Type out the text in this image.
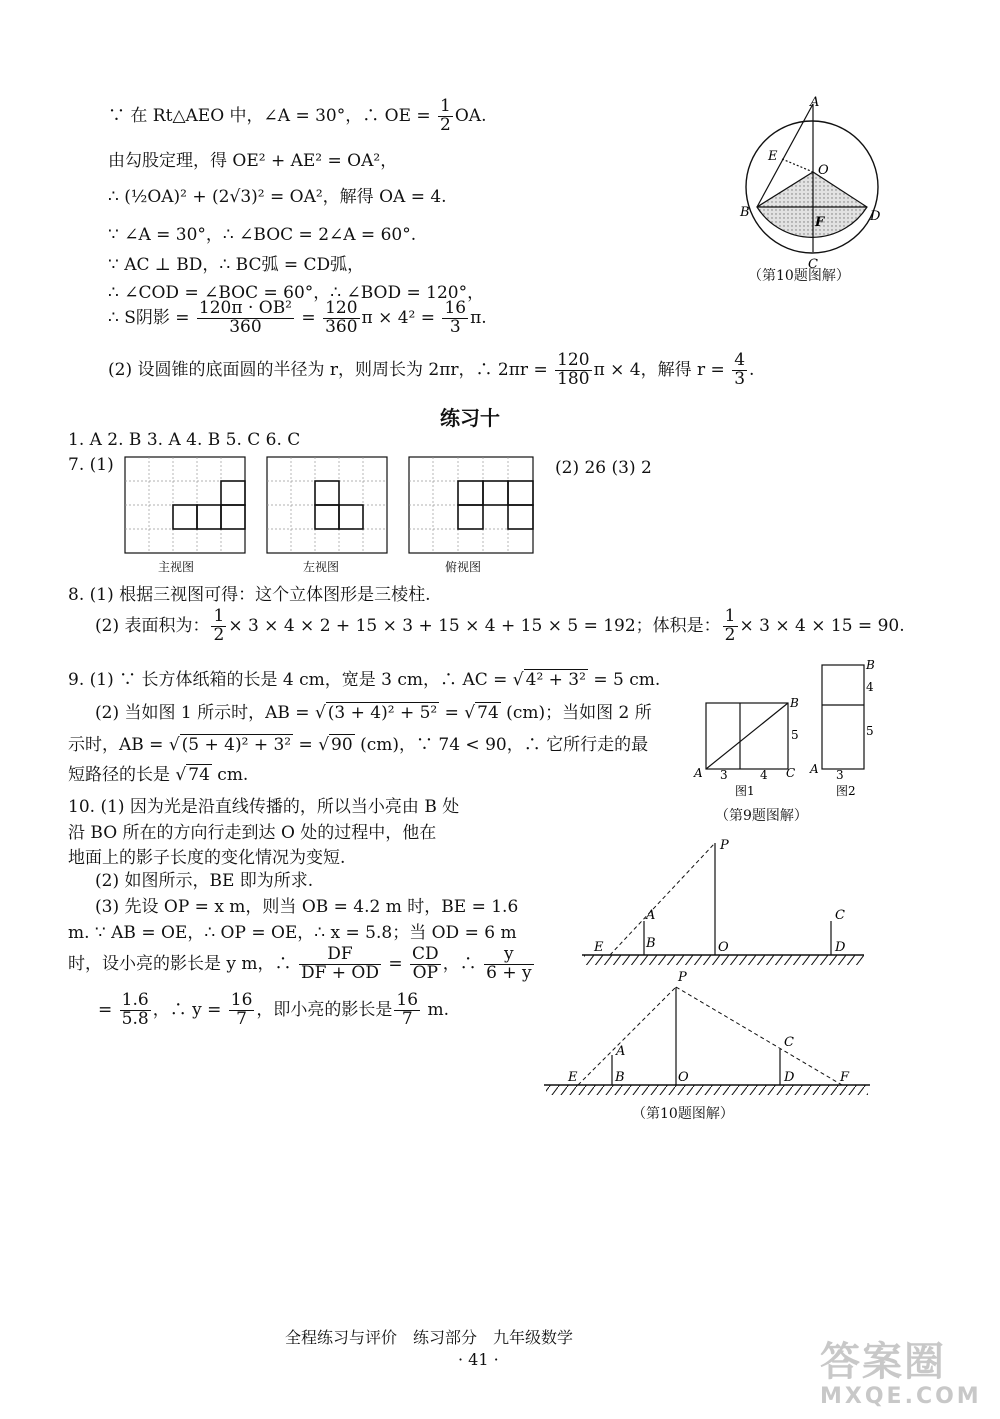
∵ 在 Rt△AEO 中，∠A = 30°，∴ OE = $\frac{1}{2}$ OA.
由勾股定理，得 OE² + AE² = OA²，
∴ (½OA)² + (2√3)² = OA²，解得 OA = 4.
∵ ∠A = 30°，∴ ∠BOC = 2∠A = 60°.
∵ AC ⊥ BD，∴ BC弧 = CD弧，
∴ ∠COD = ∠BOC = 60°，∴ ∠BOD = 120°，
∴ S阴影 = $\frac{\text{120π · OB²}}{360} = \frac{120}{360}$ $\pi \times 4^2 = \frac{16}{3} \pi$.
(2) 设圆锥的底面圆的半径为 r，则周长为 2πr，∴ $2\pi r = \frac{120}{180}$ π × 4，解得 $r = \frac{4}{3}$ .
A
E
O
B
F	D
C
（第10题图解）
练习十
1. A 2. B 3. A 4. B 5. C 6. C
7. (1)	(2) 26 (3) 2
主视图	左视图	俯视图
8. (1) 根据三视图可得：这个立体图形是三棱柱.
(2) 表面积为： $\frac{1}{2} \times 3 \times 4 \times 2 + 15 \times 3 + 15 \times 4 + 15 \times 5 = 192$；体积是： $\frac{1}{2} \times 3 \times 4 \times 15 = 90$.
9. (1) ∵ 长方体纸箱的长是 4 cm，宽是 3 cm，∴ AC = √ 4² + 3² = 5 cm.
(2) 当如图 1 所示时，AB = √ (3 + 4)² + 5² = √ 74 (cm)；当如图 2 所
示时，AB = √ (5 + 4)² + 3² = √ 90 (cm)，∵ 74 < 90，∴ 它所行走的最
短路径的长是 √ 74 cm.
B
5
A 3	4 C
B
4
5
A 3
图1	图2
（第9题图解）
10. (1) 因为光是沿直线传播的，所以当小亮由 B 处
沿 BO 所在的方向行走到达 O 处的过程中，他在
地面上的影子长度的变化情况为变短.
(2) 如图所示，BE 即为所求.
(3) 先设 OP = x m，则当 OB = 4.2 m 时，BE = 1.6
m. ∵ AB = OE，∴ OP = OE，∴ x = 5.8；当 OD = 6 m
时，设小亮的影长是 y m，∴ $\frac{DF}{DF + OD} = \frac{CD}{OP}$ ，∴ $\frac{y}{6 + y}$
= $\frac{1.6}{5.8}$ ，∴ $y = \frac{16}{7}$ ，即小亮的影长是 $\frac{16}{7} m$.
P
A
E	B	O
C
D
P
A
E	B	O
C
D	F
（第10题图解）
全程练习与评价　练习部分　九年级数学
· 41 ·	答案圈
MXQE.COM
